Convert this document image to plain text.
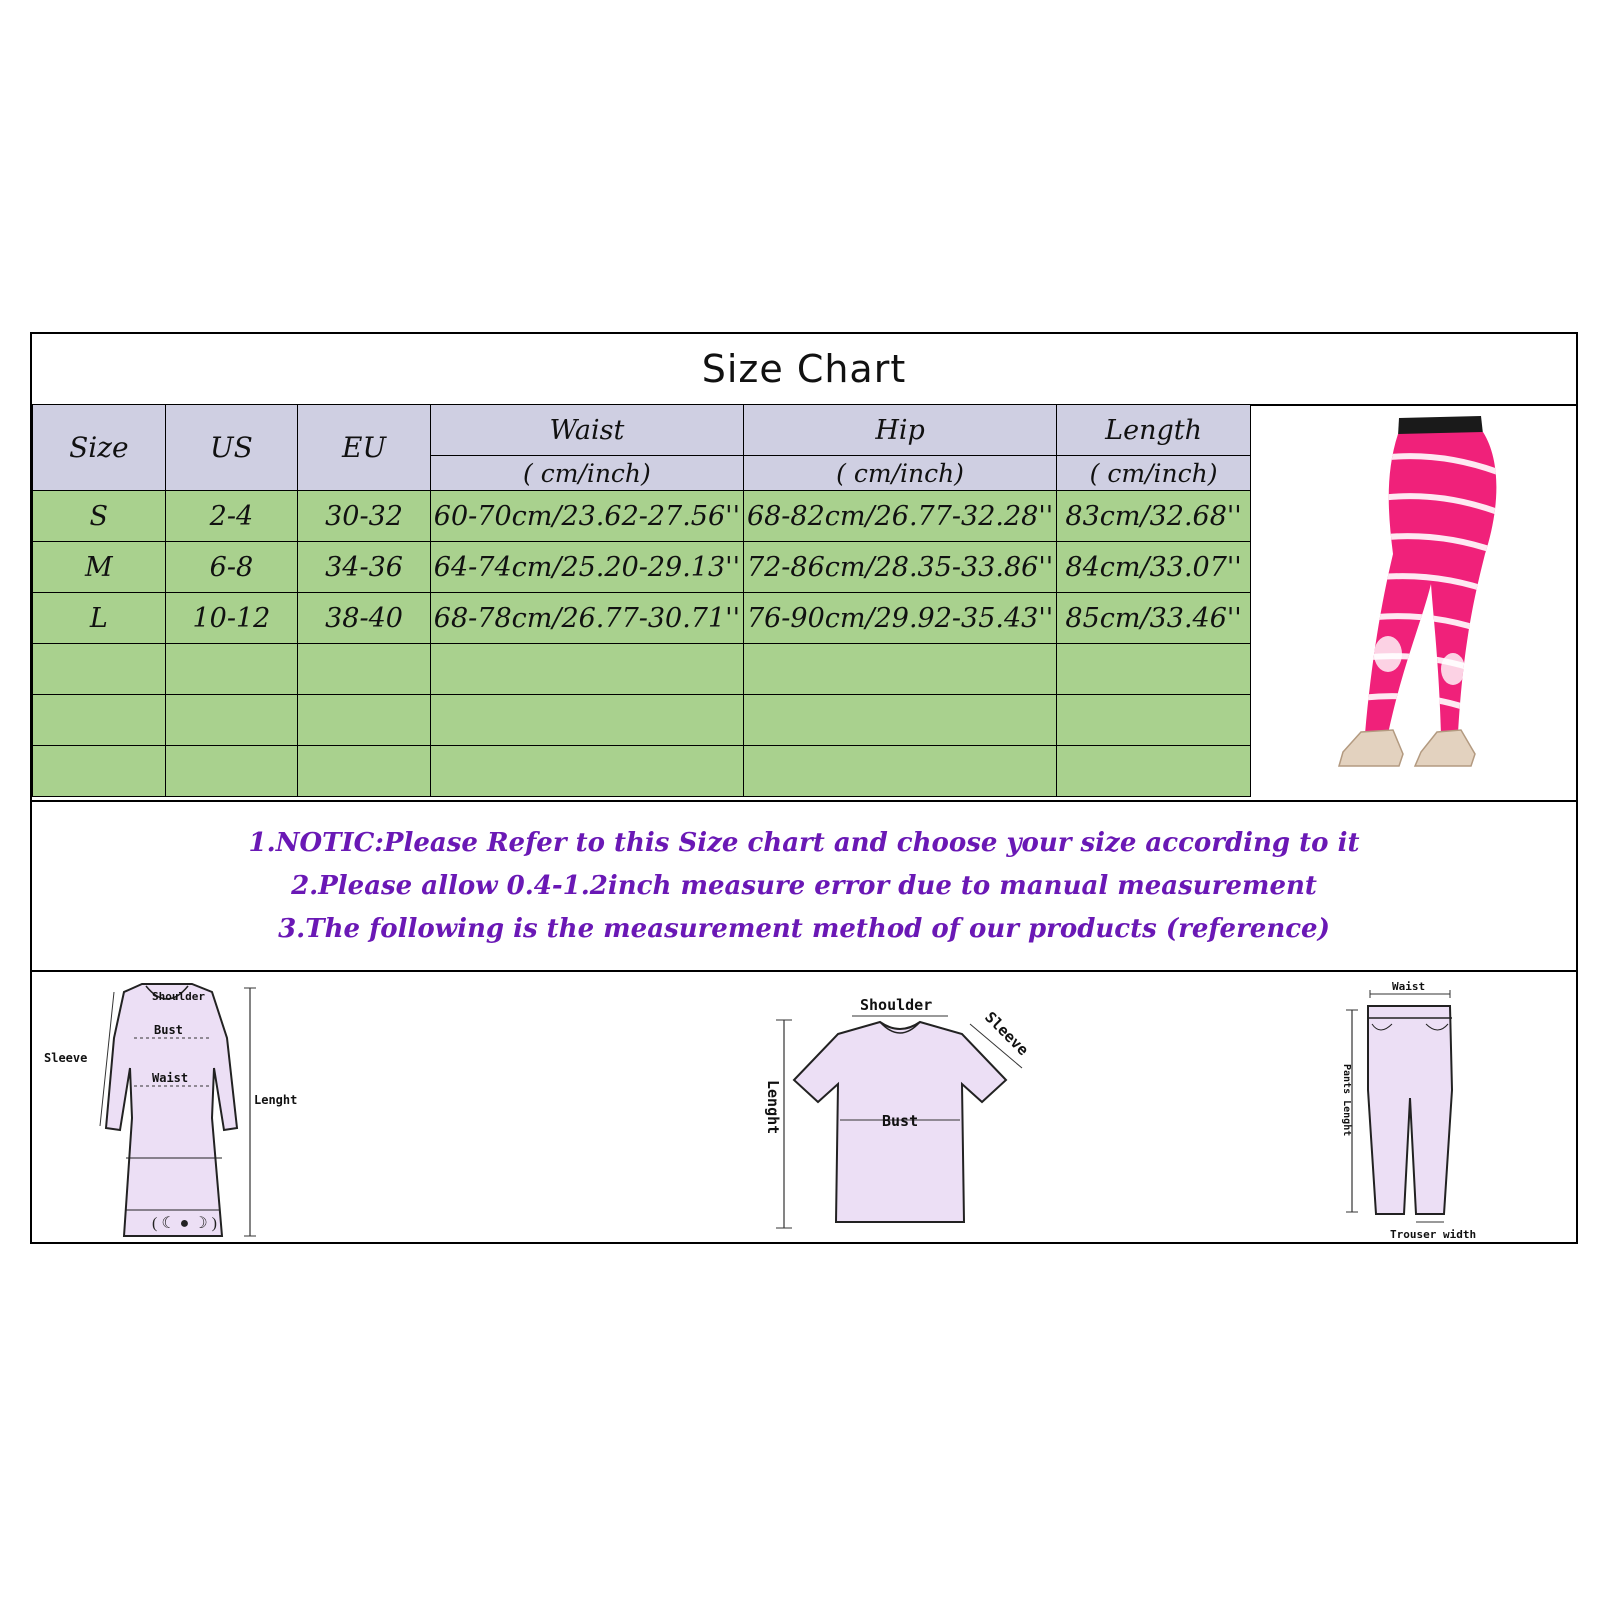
Size Chart
Size	US	EU	Waist	Hip	Length
			( cm/inch)	( cm/inch)	( cm/inch)
S	2-4	30-32	60-70cm/23.62-27.56''	68-82cm/26.77-32.28''	83cm/32.68''
M	6-8	34-36	64-74cm/25.20-29.13''	72-86cm/28.35-33.86''	84cm/33.07''
L	10-12	38-40	68-78cm/26.77-30.71''	76-90cm/29.92-35.43''	85cm/33.46''

1.NOTIC:Please Refer to this Size chart and choose your size according to it
2.Please allow 0.4-1.2inch measure error due to manual measurement
3.The following is the measurement method of our products (reference)
( ☾ ● ☽ )
Shoulder
Bust
Waist
Sleeve
Lenght
Shoulder
Bust
Sleeve
Lenght
Waist
Pants Lenght
Trouser width
